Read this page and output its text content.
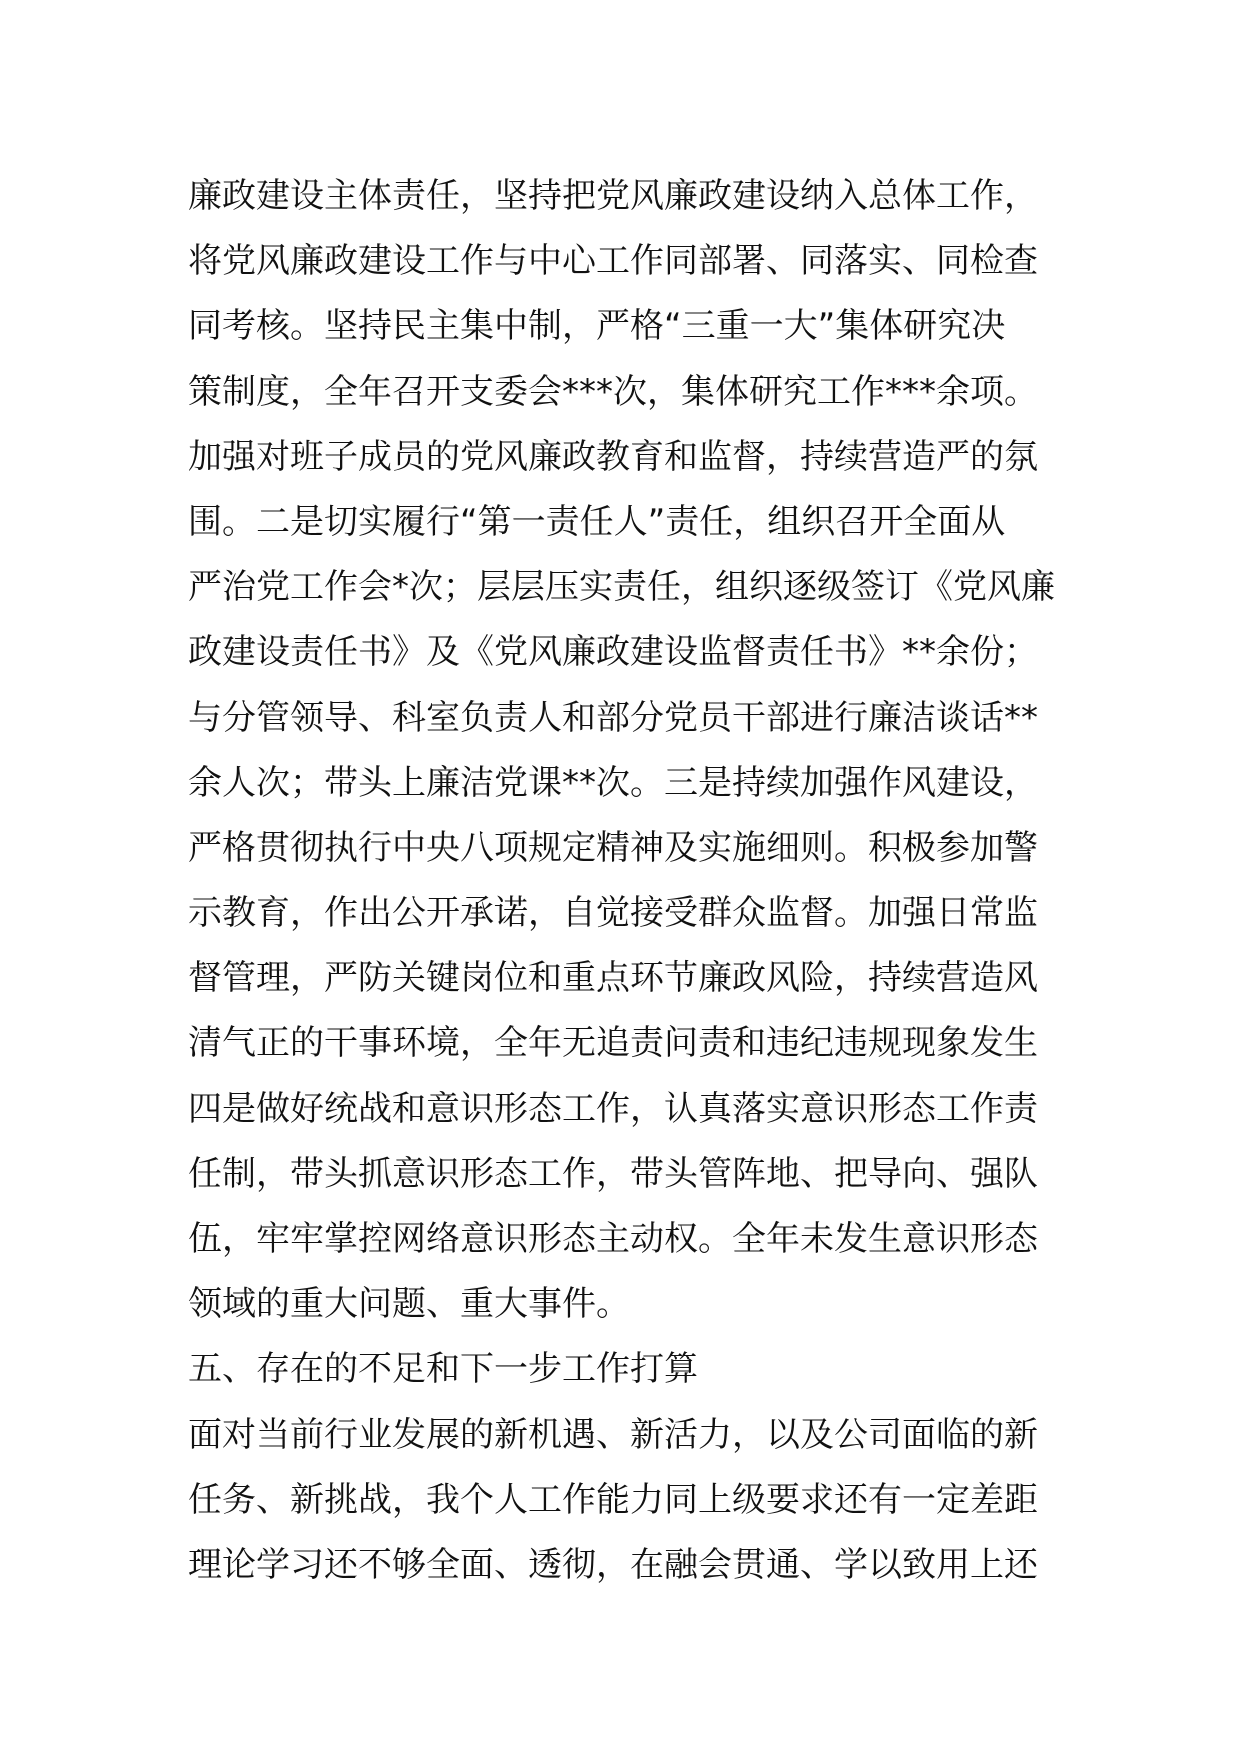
廉政建设主体责任，坚持把党风廉政建设纳入总体工作，
将党风廉政建设工作与中心工作同部署、同落实、同检查
同考核。坚持民主集中制，严格“三重一大”集体研究决
策制度，全年召开支委会***次，集体研究工作***余项。
加强对班子成员的党风廉政教育和监督，持续营造严的氛
围。二是切实履行“第一责任人”责任，组织召开全面从
严治党工作会*次；层层压实责任，组织逐级签订《党风廉
政建设责任书》及《党风廉政建设监督责任书》**余份；
与分管领导、科室负责人和部分党员干部进行廉洁谈话**
余人次；带头上廉洁党课**次。三是持续加强作风建设，
严格贯彻执行中央八项规定精神及实施细则。积极参加警
示教育，作出公开承诺，自觉接受群众监督。加强日常监
督管理，严防关键岗位和重点环节廉政风险，持续营造风
清气正的干事环境，全年无追责问责和违纪违规现象发生
四是做好统战和意识形态工作，认真落实意识形态工作责
任制，带头抓意识形态工作，带头管阵地、把导向、强队
伍，牢牢掌控网络意识形态主动权。全年未发生意识形态
领域的重大问题、重大事件。
五、存在的不足和下一步工作打算
面对当前行业发展的新机遇、新活力，以及公司面临的新
任务、新挑战，我个人工作能力同上级要求还有一定差距
理论学习还不够全面、透彻，在融会贯通、学以致用上还
